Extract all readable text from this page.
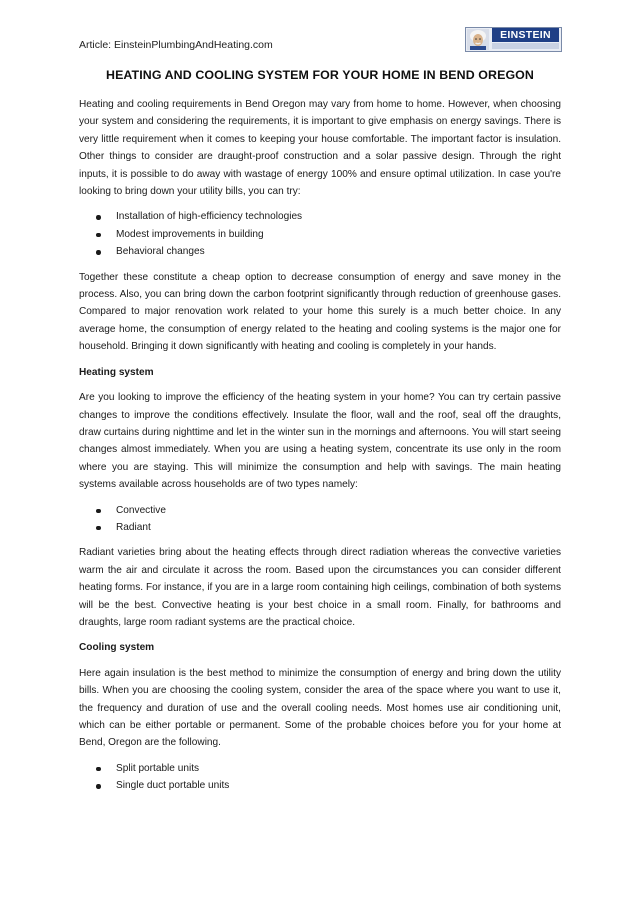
Article: EinsteinPlumbingAndHeating.com
EINSTEIN
HEATING AND COOLING SYSTEM FOR YOUR HOME IN BEND OREGON

Heating and cooling requirements in Bend Oregon may vary from home to home. However, when choosing your system and considering the requirements, it is important to give emphasis on energy savings. There is very little requirement when it comes to keeping your house comfortable. The important factor is insulation. Other things to consider are draught-proof construction and a solar passive design. Through the right inputs, it is possible to do away with wastage of energy 100% and ensure optimal utilization. In case you're looking to bring down your utility bills, you can try:

Installation of high-efficiency technologies
Modest improvements in building
Behavioral changes

Together these constitute a cheap option to decrease consumption of energy and save money in the process. Also, you can bring down the carbon footprint significantly through reduction of greenhouse gases. Compared to major renovation work related to your home this surely is a much better choice. In any average home, the consumption of energy related to the heating and cooling systems is the major one for household. Bringing it down significantly with heating and cooling is completely in your hands.

Heating system

Are you looking to improve the efficiency of the heating system in your home? You can try certain passive changes to improve the conditions effectively. Insulate the floor, wall and the roof, seal off the draughts, draw curtains during nighttime and let in the winter sun in the mornings and afternoons. You will start seeing changes almost immediately. When you are using a heating system, concentrate its use only in the room where you are staying. This will minimize the consumption and help with savings. The main heating systems available across households are of two types namely:

Convective
Radiant

Radiant varieties bring about the heating effects through direct radiation whereas the convective varieties warm the air and circulate it across the room. Based upon the circumstances you can consider different heating forms. For instance, if you are in a large room containing high ceilings, combination of both systems will be the best. Convective heating is your best choice in a small room. Finally, for bathrooms and draughts, large room radiant systems are the practical choice.

Cooling system

Here again insulation is the best method to minimize the consumption of energy and bring down the utility bills. When you are choosing the cooling system, consider the area of the space where you want to use it, the frequency and duration of use and the overall cooling needs. Most homes use air conditioning unit, which can be either portable or permanent. Some of the probable choices before you for your home at Bend, Oregon are the following.

Split portable units
Single duct portable units
